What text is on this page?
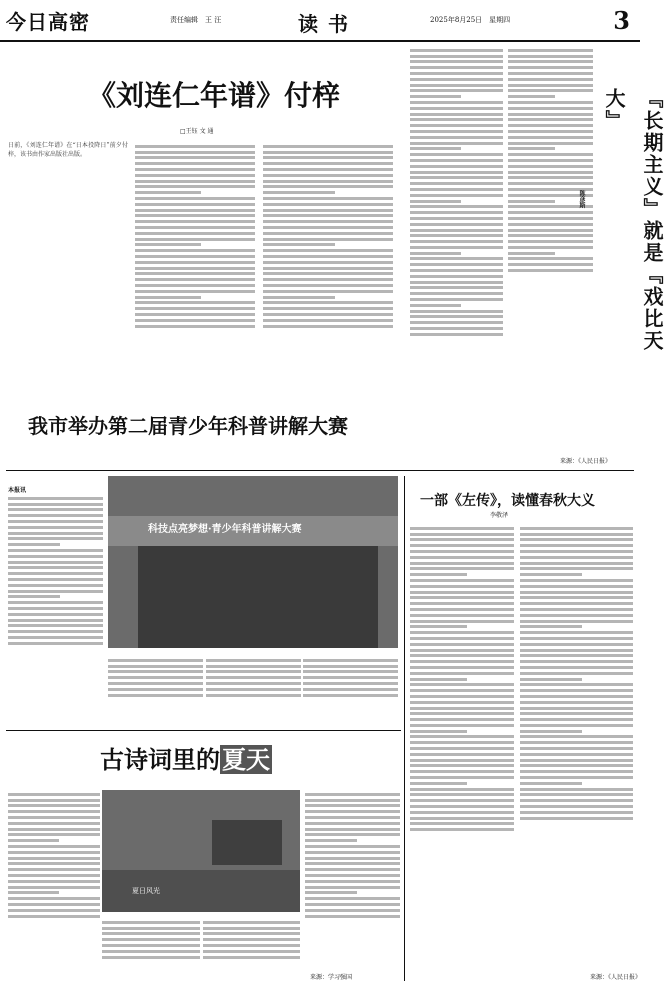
今日高密	责任编辑　王 汪	读书	2025年8月25日　星期四	3
《刘连仁年谱》付梓
□王钰 文 通
日前，《刘连仁年谱》在“日本投降日”前夕付梓，该书由作家出版社出版。
来源：《人民日报》
『长期主义』就是『戏比天大』
陈彦斯
我市举办第二届青少年科普讲解大赛
本报讯
科技点亮梦想·青少年科普讲解大赛
古诗词里的夏天
夏日风光
来源：学习强国
一部《左传》，读懂春秋大义
李敬泽
来源：《人民日报》
